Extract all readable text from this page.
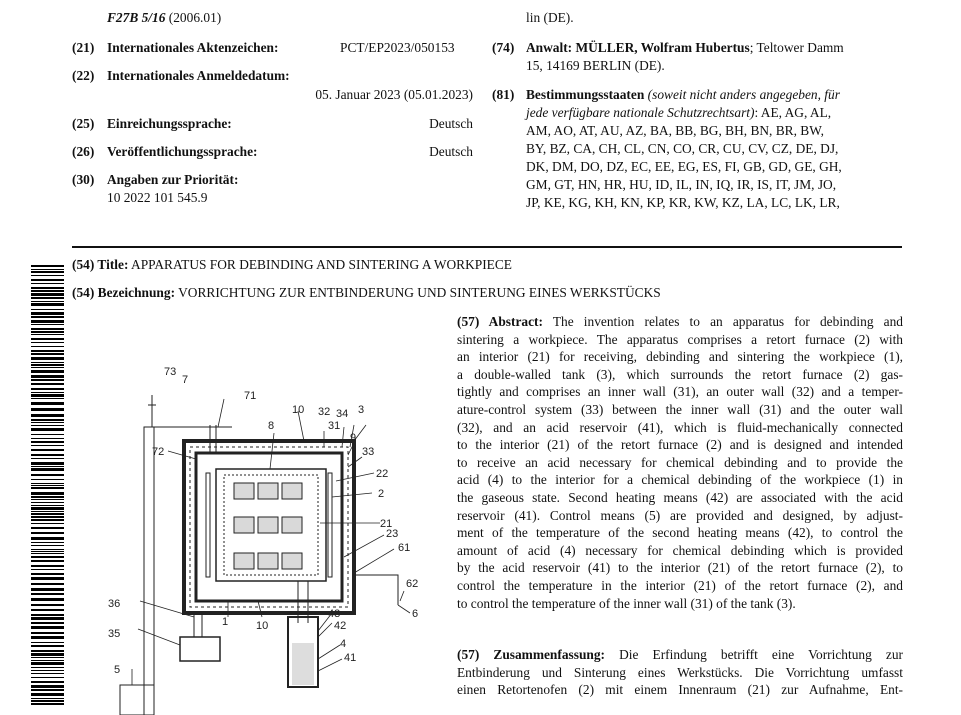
F27B 5/16 (2006.01)
(21) Internationales Aktenzeichen:	PCT/EP2023/050153
(22) Internationales Anmeldedatum:
05. Januar 2023 (05.01.2023)
(25) Einreichungssprache:	Deutsch
(26) Veröffentlichungssprache:	Deutsch
(30) Angaben zur Priorität:
10 2022 101 545.9
lin (DE).
(74) Anwalt: MÜLLER, Wolfram Hubertus; Teltower Damm
15, 14169 BERLIN (DE).
(81) Bestimmungsstaaten (soweit nicht anders angegeben, für
jede verfügbare nationale Schutzrechtsart): AE, AG, AL,
AM, AO, AT, AU, AZ, BA, BB, BG, BH, BN, BR, BW,
BY, BZ, CA, CH, CL, CN, CO, CR, CU, CV, CZ, DE, DJ,
DK, DM, DO, DZ, EC, EE, EG, ES, FI, GB, GD, GE, GH,
GM, GT, HN, HR, HU, ID, IL, IN, IQ, IR, IS, IT, JM, JO,
JP, KE, KG, KH, KN, KP, KR, KW, KZ, LA, LC, LK, LR,
(54) Title: APPARATUS FOR DEBINDING AND SINTERING A WORKPIECE
(54) Bezeichnung: VORRICHTUNG ZUR ENTBINDERUNG UND SINTERUNG EINES WERKSTÜCKS
(57) Abstract: The invention relates to an apparatus for debinding and
sintering a workpiece. The apparatus comprises a retort furnace (2) with
an interior (21) for receiving, debinding and sintering the workpiece (1),
a double-walled tank (3), which surrounds the retort furnace (2) gas-
tightly and comprises an inner wall (31), an outer wall (32) and a temper-
ature-control system (33) between the inner wall (31) and the outer wall
(32), and an acid reservoir (41), which is fluid-mechanically connected
to the interior (21) of the retort furnace (2) and is designed and intended
to receive an acid necessary for chemical debinding and to provide the
acid (4) to the interior for a chemical debinding of the workpiece (1) in
the gaseous state. Second heating means (42) are associated with the acid
reservoir (41). Control means (5) are provided and designed, by adjust-
ment of the temperature of the second heating means (42), to control the
amount of acid (4) necessary for chemical debinding which is provided
by the acid reservoir (41) to the interior (21) of the retort furnace (2), to
control the temperature in the interior (21) of the retort furnace (2), and
to control the temperature of the inner wall (31) of the tank (3).
(57) Zusammenfassung: Die Erfindung betrifft eine Vorrichtung zur
Entbinderung und Sinterung eines Werkstücks. Die Vorrichtung umfasst
einen Retortenofen (2) mit einem Innenraum (21) zur Aufnahme, Ent-
73
7
71
10 32 34 3
8	31
9
72	33
22
2
21
23
61
62
6
36
35
1	10
43
42
4
41
5
